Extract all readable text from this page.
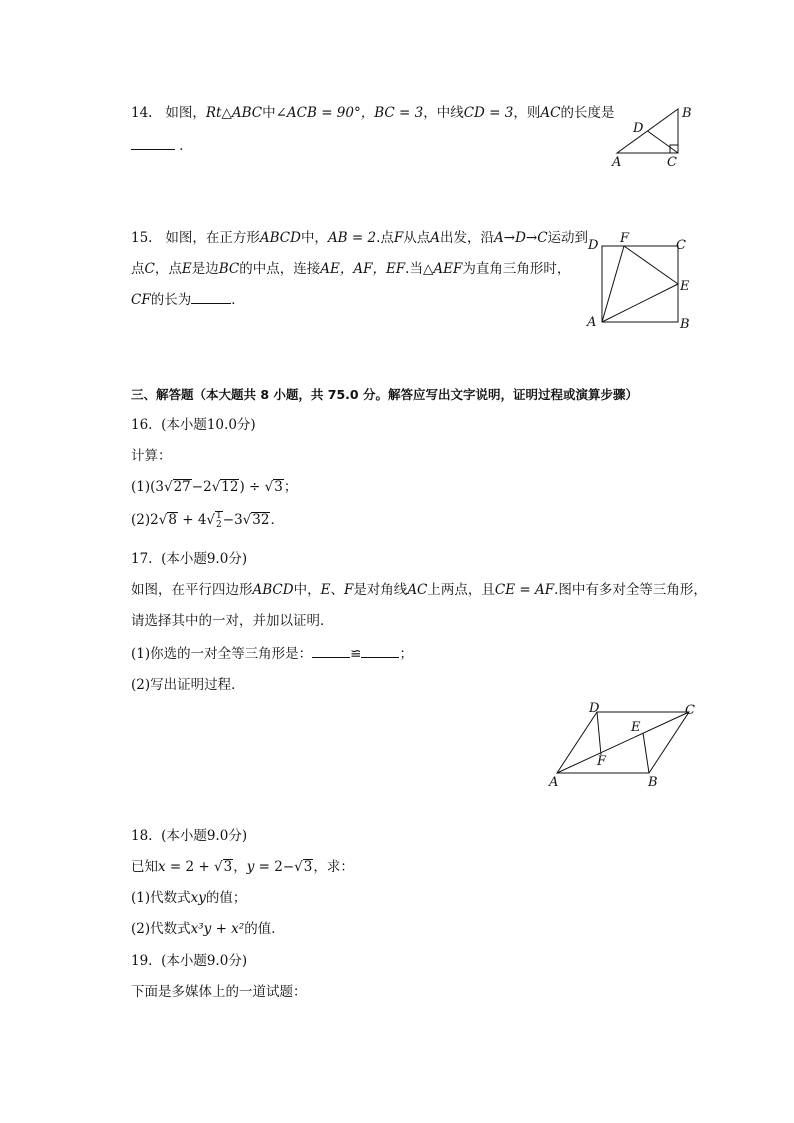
14. 如图，Rt△ABC中∠ACB = 90°，BC = 3，中线CD = 3，则AC的长度是
．
A
B
C
D
15. 如图，在正方形ABCD中，AB = 2.点F从点A出发，沿A→D→C运动到
点C，点E是边BC的中点，连接AE，AF，EF.当△AEF为直角三角形时，
CF的长为	．
D F	C
E
A	B
三、解答题（本大题共 8 小题，共 75.0 分。解答应写出文字说明，证明过程或演算步骤）
16. (本小题10.0分)
计算：
(1)(3√27−2√12) ÷ √3；
(2)2√8 + 4√1
2−3√32．
17. (本小题9.0分)
如图，在平行四边形ABCD中，E、F是对角线AC上两点，且CE = AF.图中有多对全等三角形，
请选择其中的一对，并加以证明．
(1)你选的一对全等三角形是：	≌	；
(2)写出证明过程．
D	C
E
F
A	B
18. (本小题9.0分)
已知x = 2 + √3，y = 2−√3，求：
(1)代数式xy的值；
(2)代数式x³y + x²的值．
19. (本小题9.0分)
下面是多媒体上的一道试题：
